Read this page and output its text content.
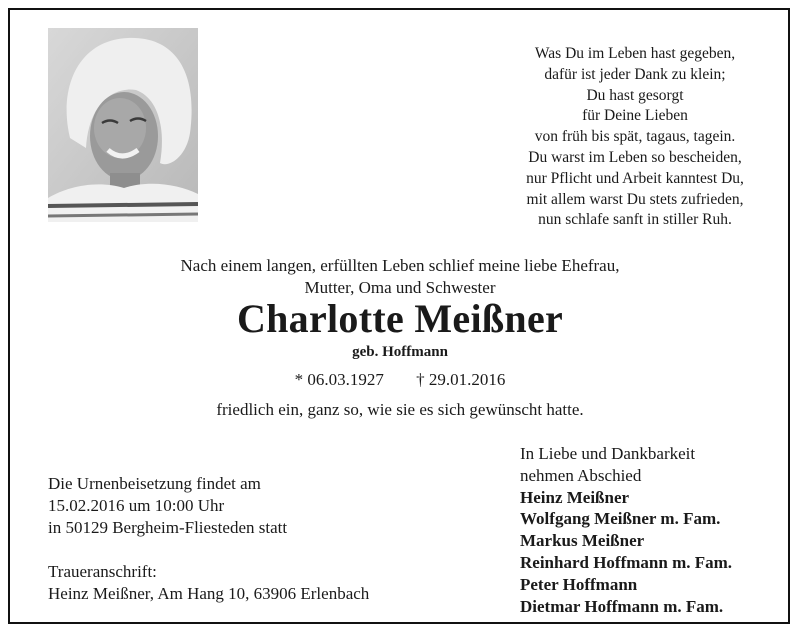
Was Du im Leben hast gegeben,
dafür ist jeder Dank zu klein;
Du hast gesorgt
für Deine Lieben
von früh bis spät, tagaus, tagein.
Du warst im Leben so bescheiden,
nur Pflicht und Arbeit kanntest Du,
mit allem warst Du stets zufrieden,
nun schlafe sanft in stiller Ruh.
Nach einem langen, erfüllten Leben schlief meine liebe Ehefrau,
Mutter, Oma und Schwester
Charlotte Meißner
geb. Hoffmann
* 06.03.1927 † 29.01.2016
friedlich ein, ganz so, wie sie es sich gewünscht hatte.
Die Urnenbeisetzung findet am
15.02.2016 um 10:00 Uhr
in 50129 Bergheim-Fliesteden statt
Traueranschrift:
Heinz Meißner, Am Hang 10, 63906 Erlenbach
In Liebe und Dankbarkeit
nehmen Abschied
Heinz Meißner
Wolfgang Meißner m. Fam.
Markus Meißner
Reinhard Hoffmann m. Fam.
Peter Hoffmann
Dietmar Hoffmann m. Fam.
